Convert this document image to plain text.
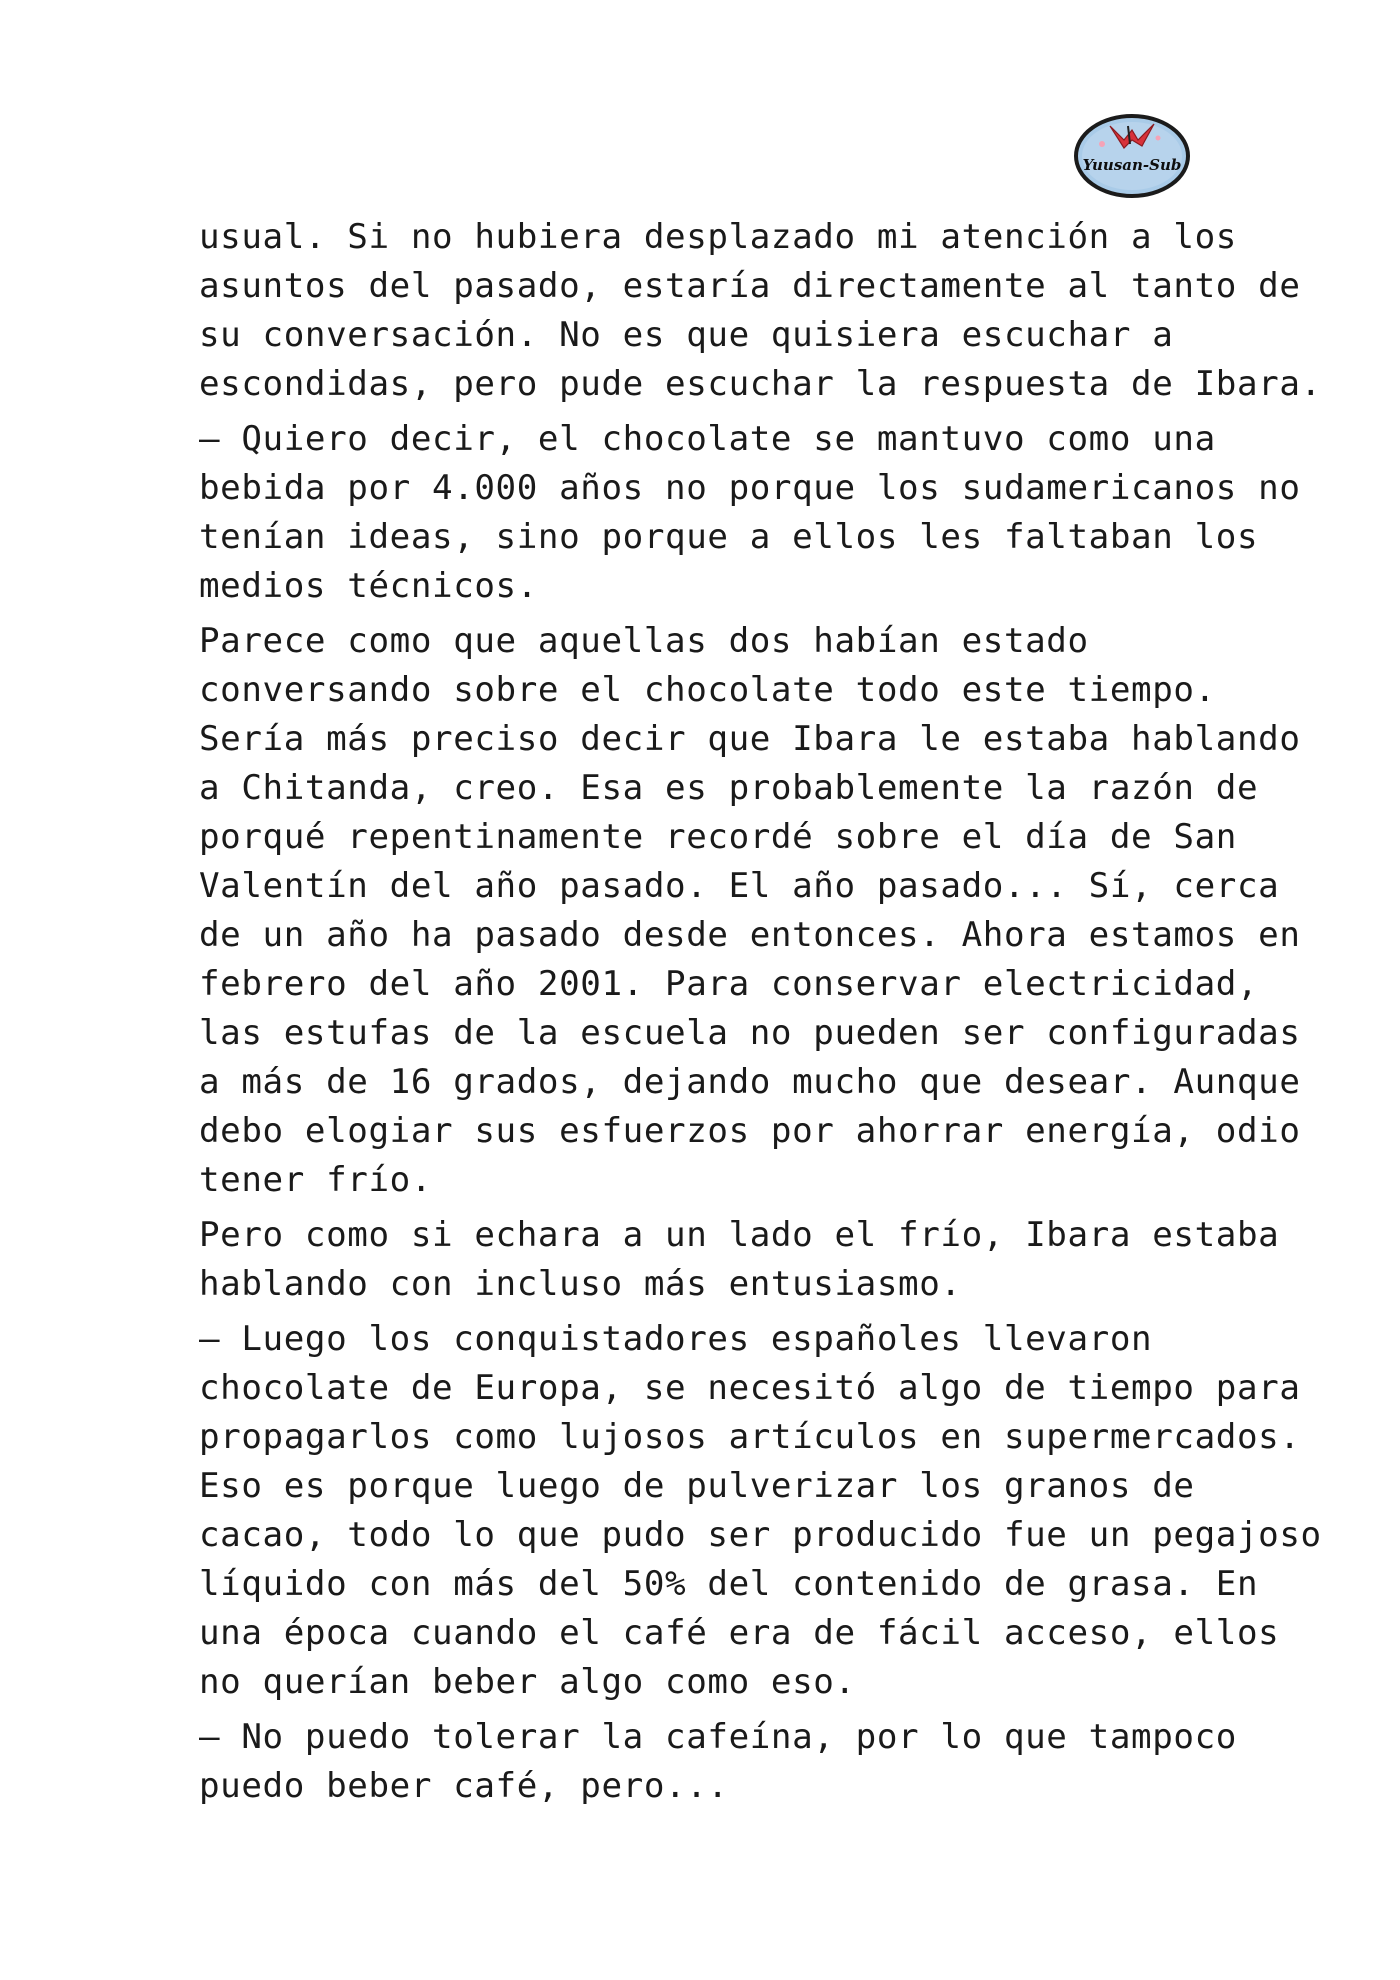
Yuusan-Sub

usual. Si no hubiera desplazado mi atención a los
asuntos del pasado, estaría directamente al tanto de
su conversación. No es que quisiera escuchar a
escondidas, pero pude escuchar la respuesta de Ibara.

– Quiero decir, el chocolate se mantuvo como una
bebida por 4.000 años no porque los sudamericanos no
tenían ideas, sino porque a ellos les faltaban los
medios técnicos.

Parece como que aquellas dos habían estado
conversando sobre el chocolate todo este tiempo.
Sería más preciso decir que Ibara le estaba hablando
a Chitanda, creo. Esa es probablemente la razón de
porqué repentinamente recordé sobre el día de San
Valentín del año pasado. El año pasado... Sí, cerca
de un año ha pasado desde entonces. Ahora estamos en
febrero del año 2001. Para conservar electricidad,
las estufas de la escuela no pueden ser configuradas
a más de 16 grados, dejando mucho que desear. Aunque
debo elogiar sus esfuerzos por ahorrar energía, odio
tener frío.

Pero como si echara a un lado el frío, Ibara estaba
hablando con incluso más entusiasmo.

– Luego los conquistadores españoles llevaron
chocolate de Europa, se necesitó algo de tiempo para
propagarlos como lujosos artículos en supermercados.
Eso es porque luego de pulverizar los granos de
cacao, todo lo que pudo ser producido fue un pegajoso
líquido con más del 50% del contenido de grasa. En
una época cuando el café era de fácil acceso, ellos
no querían beber algo como eso.

– No puedo tolerar la cafeína, por lo que tampoco
puedo beber café, pero...
